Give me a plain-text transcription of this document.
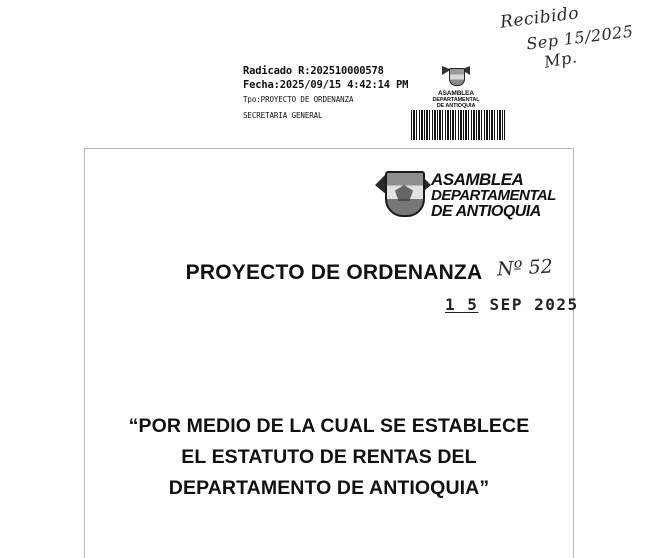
Recibido
Sep 15/2025
Mp.
Radicado R:202510000578
Fecha:2025/09/15 4:42:14 PM
Tpo:PROYECTO DE ORDENANZA
SECRETARIA GENERAL
ASAMBLEA
DEPARTAMENTAL
DE ANTIOQUIA
ASAMBLEA
DEPARTAMENTAL
DE ANTIOQUIA
PROYECTO DE ORDENANZA Nº 52
1 5 SEP 2025
“POR MEDIO DE LA CUAL SE ESTABLECE
EL ESTATUTO DE RENTAS DEL
DEPARTAMENTO DE ANTIOQUIA”
